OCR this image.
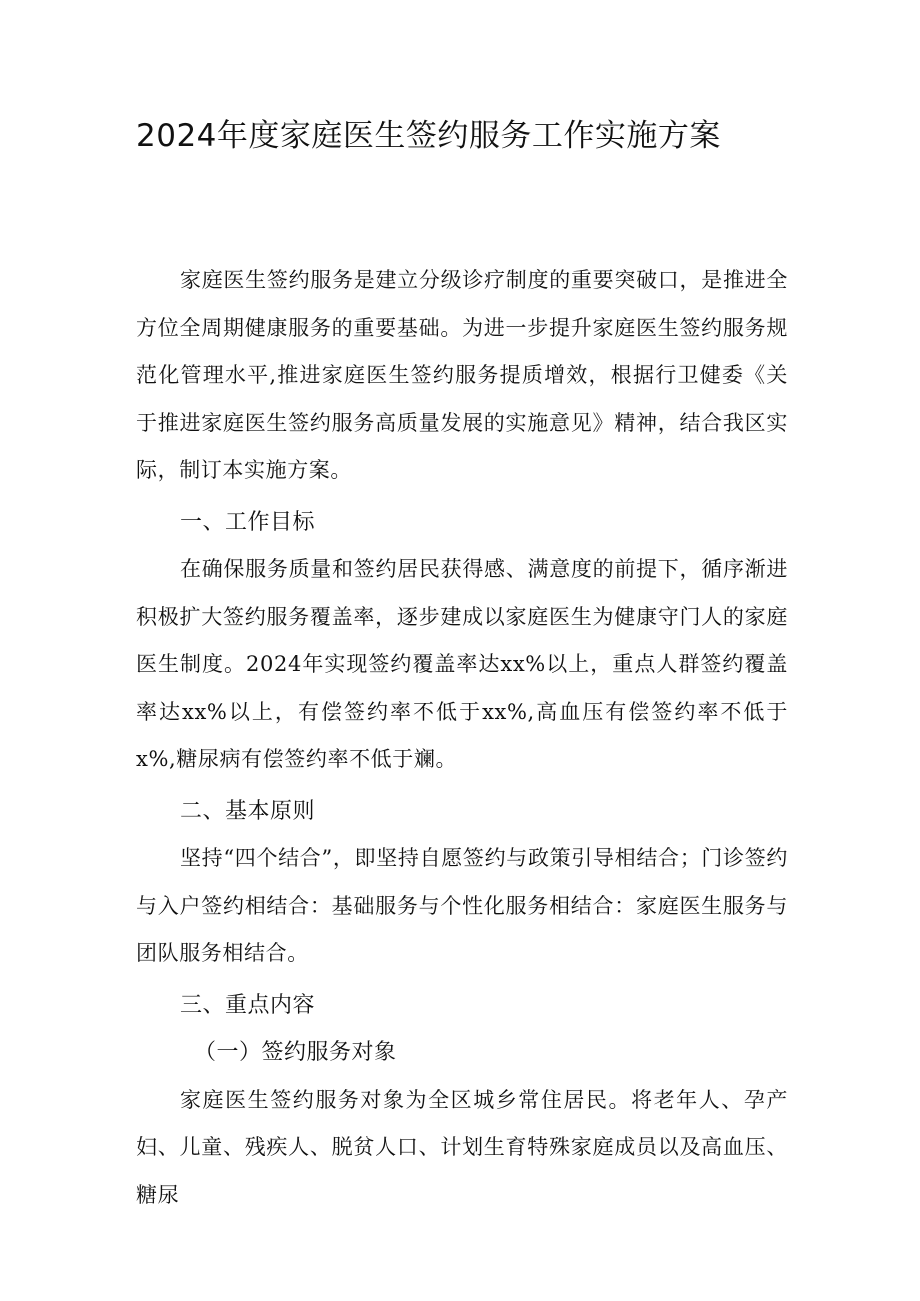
2024年度家庭医生签约服务工作实施方案

家庭医生签约服务是建立分级诊疗制度的重要突破口，是推进全方位全周期健康服务的重要基础。为进一步提升家庭医生签约服务规范化管理水平,推进家庭医生签约服务提质增效，根据行卫健委《关于推进家庭医生签约服务高质量发展的实施意见》精神，结合我区实际，制订本实施方案。

一、工作目标

在确保服务质量和签约居民获得感、满意度的前提下，循序渐进积极扩大签约服务覆盖率，逐步建成以家庭医生为健康守门人的家庭医生制度。2024年实现签约覆盖率达xx%以上，重点人群签约覆盖率达xx%以上，有偿签约率不低于xx%,高血压有偿签约率不低于x%,糖尿病有偿签约率不低于斓。

二、基本原则

坚持“四个结合”，即坚持自愿签约与政策引导相结合；门诊签约与入户签约相结合：基础服务与个性化服务相结合：家庭医生服务与团队服务相结合。

三、重点内容
（一）签约服务对象

家庭医生签约服务对象为全区城乡常住居民。将老年人、孕产妇、儿童、残疾人、脱贫人口、计划生育特殊家庭成员以及高血压、糖尿
